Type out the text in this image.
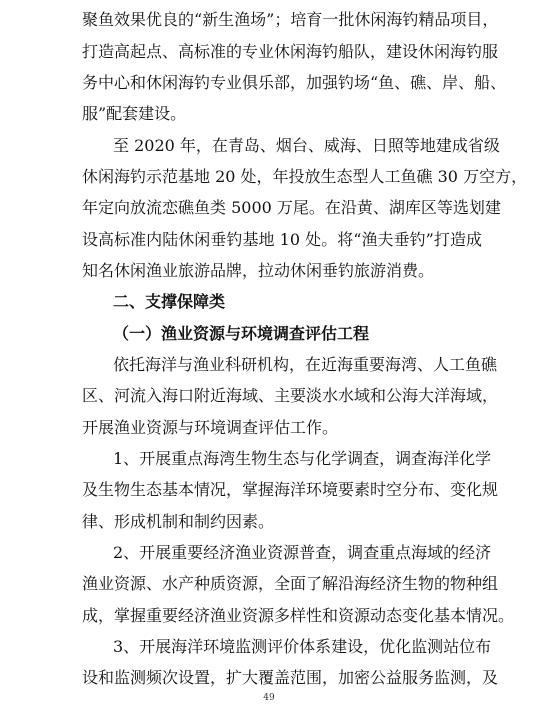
聚鱼效果优良的“新生渔场”；培育一批休闲海钓精品项目，
打造高起点、高标准的专业休闲海钓船队，建设休闲海钓服
务中心和休闲海钓专业俱乐部，加强钓场“鱼、礁、岸、船、
服”配套建设。
至 2020 年，在青岛、烟台、威海、日照等地建成省级
休闲海钓示范基地 20 处，年投放生态型人工鱼礁 30 万空方，
年定向放流恋礁鱼类 5000 万尾。在沿黄、湖库区等选划建
设高标准内陆休闲垂钓基地 10 处。将“渔夫垂钓”打造成
知名休闲渔业旅游品牌，拉动休闲垂钓旅游消费。
二、支撑保障类
（一）渔业资源与环境调查评估工程
依托海洋与渔业科研机构，在近海重要海湾、人工鱼礁
区、河流入海口附近海域、主要淡水水域和公海大洋海域，
开展渔业资源与环境调查评估工作。
1、开展重点海湾生物生态与化学调查，调查海洋化学
及生物生态基本情况，掌握海洋环境要素时空分布、变化规
律、形成机制和制约因素。
2、开展重要经济渔业资源普查，调查重点海域的经济
渔业资源、水产种质资源，全面了解沿海经济生物的物种组
成，掌握重要经济渔业资源多样性和资源动态变化基本情况。
3、开展海洋环境监测评价体系建设，优化监测站位布
设和监测频次设置，扩大覆盖范围，加密公益服务监测，及
49
